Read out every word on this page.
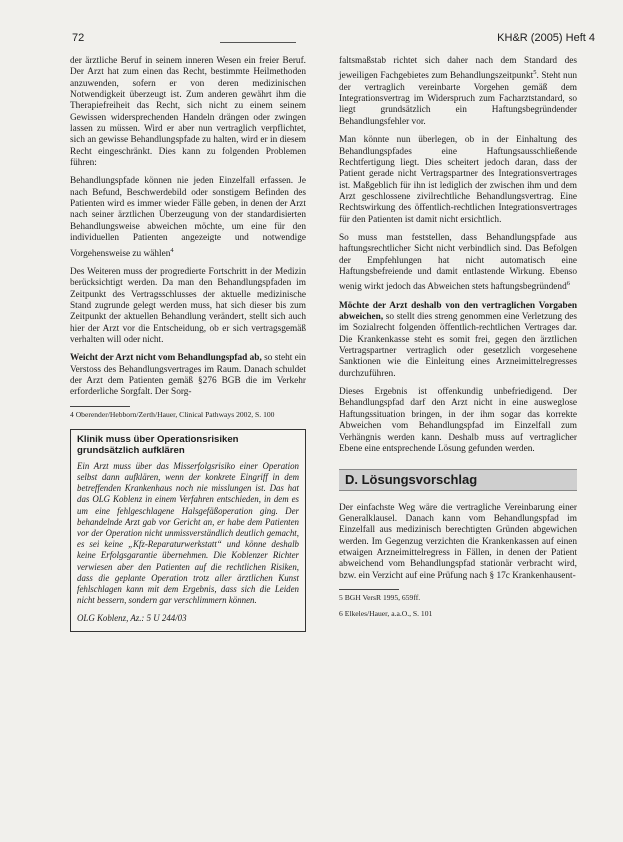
72	KH&R (2005) Heft 4

der ärztliche Beruf in seinem inneren Wesen ein freier Beruf. Der Arzt hat zum einen das Recht, bestimmte Heilmethoden anzuwenden, sofern er von deren medizinischen Notwendigkeit überzeugt ist. Zum anderen gewährt ihm die Therapiefreiheit das Recht, sich nicht zu einem seinem Gewissen widersprechenden Handeln drängen oder zwingen lassen zu müssen. Wird er aber nun vertraglich verpflichtet, sich an gewisse Behandlungspfade zu halten, wird er in diesem Recht eingeschränkt. Dies kann zu folgenden Problemen führen:

Behandlungspfade können nie jeden Einzelfall erfassen. Je nach Befund, Beschwerdebild oder sonstigem Befinden des Patienten wird es immer wieder Fälle geben, in denen der Arzt nach seiner ärztlichen Überzeugung von der standardisierten Behandlungsweise abweichen möchte, um eine für den individuellen Patienten angezeigte und notwendige Vorgehensweise zu wählen$^4$

Des Weiteren muss der progredierte Fortschritt in der Medizin berücksichtigt werden. Da man den Behandlungspfaden im Zeitpunkt des Vertragsschlusses der aktuelle medizinische Stand zugrunde gelegt werden muss, hat sich dieser bis zum Zeitpunkt der aktuellen Behandlung verändert, stellt sich auch hier der Arzt vor die Entscheidung, ob er sich vertragsgemäß verhalten will oder nicht.

Weicht der Arzt nicht vom Behandlungspfad ab, so steht ein Verstoss des Behandlungsvertrages im Raum. Danach schuldet der Arzt dem Patienten gemäß §276 BGB die im Verkehr erforderliche Sorgfalt. Der Sorg-

4 Oberender/Hebborn/Zerth/Hauer, Clinical Pathways 2002, S. 100

Klinik muss über Operationsrisiken
grundsätzlich aufklären
Ein Arzt muss über das Misserfolgsrisiko einer Operation selbst dann aufklären, wenn der konkrete Eingriff in dem betreffenden Krankenhaus noch nie misslungen ist. Das hat das OLG Koblenz in einem Verfahren entschieden, in dem es um eine fehlgeschlagene Halsgefäßoperation ging. Der behandelnde Arzt gab vor Gericht an, er habe dem Patienten vor der Operation nicht unmissverständlich deutlich gemacht, es sei keine „Kfz-Reparaturwerkstatt“ und könne deshalb keine Erfolgsgarantie übernehmen. Die Koblenzer Richter verwiesen aber den Patienten auf die rechtlichen Risiken, dass die geplante Operation trotz aller ärztlichen Kunst fehlschlagen kann mit dem Ergebnis, dass sich die Leiden nicht bessern, sondern gar verschlimmern können.
OLG Koblenz, Az.: 5 U 244/03

faltsmaßstab richtet sich daher nach dem Standard des jeweiligen Fachgebietes zum Behandlungszeitpunkt$^5$. Steht nun der vertraglich vereinbarte Vorgehen gemäß dem Integrationsvertrag im Widerspruch zum Facharztstandard, so liegt grundsätzlich ein Haftungsbegründender Behandlungsfehler vor.

Man könnte nun überlegen, ob in der Einhaltung des Behandlungspfades eine Haftungsausschließende Rechtfertigung liegt. Dies scheitert jedoch daran, dass der Patient gerade nicht Vertragspartner des Integrationsvertrages ist. Maßgeblich für ihn ist lediglich der zwischen ihm und dem Arzt geschlossene zivilrechtliche Behandlungsvertrag. Eine Rechtswirkung des öffentlich-rechtlichen Integrationsvertrages für den Patienten ist damit nicht ersichtlich.

So muss man feststellen, dass Behandlungspfade aus haftungsrechtlicher Sicht nicht verbindlich sind. Das Befolgen der Empfehlungen hat nicht automatisch eine Haftungsbefreiende und damit entlastende Wirkung. Ebenso wenig wirkt jedoch das Abweichen stets haftungsbegründend$^6$

Möchte der Arzt deshalb von den vertraglichen Vorgaben abweichen, so stellt dies streng genommen eine Verletzung des im Sozialrecht folgenden öffentlich-rechtlichen Vertrages dar. Die Krankenkasse steht es somit frei, gegen den ärztlichen Vertragspartner vertraglich oder gesetzlich vorgesehene Sanktionen wie die Einleitung eines Arzneimittelregresses durchzuführen.

Dieses Ergebnis ist offenkundig unbefriedigend. Der Behandlungspfad darf den Arzt nicht in eine ausweglose Haftungssituation bringen, in der ihm sogar das korrekte Abweichen vom Behandlungspfad im Einzelfall zum Verhängnis werden kann. Deshalb muss auf vertraglicher Ebene eine entsprechende Lösung gefunden werden.

D. Lösungsvorschlag

Der einfachste Weg wäre die vertragliche Vereinbarung einer Generalklausel. Danach kann vom Behandlungspfad im Einzelfall aus medizinisch berechtigten Gründen abgewichen werden. Im Gegenzug verzichten die Krankenkassen auf einen etwaigen Arzneimittelregress in Fällen, in denen der Patient abweichend vom Behandlungspfad stationär verbracht wird, bzw. ein Verzicht auf eine Prüfung nach § 17c Krankenhausent-

5 BGH VersR 1995, 659ff.

6 Elkeles/Hauer, a.a.O., S. 101
